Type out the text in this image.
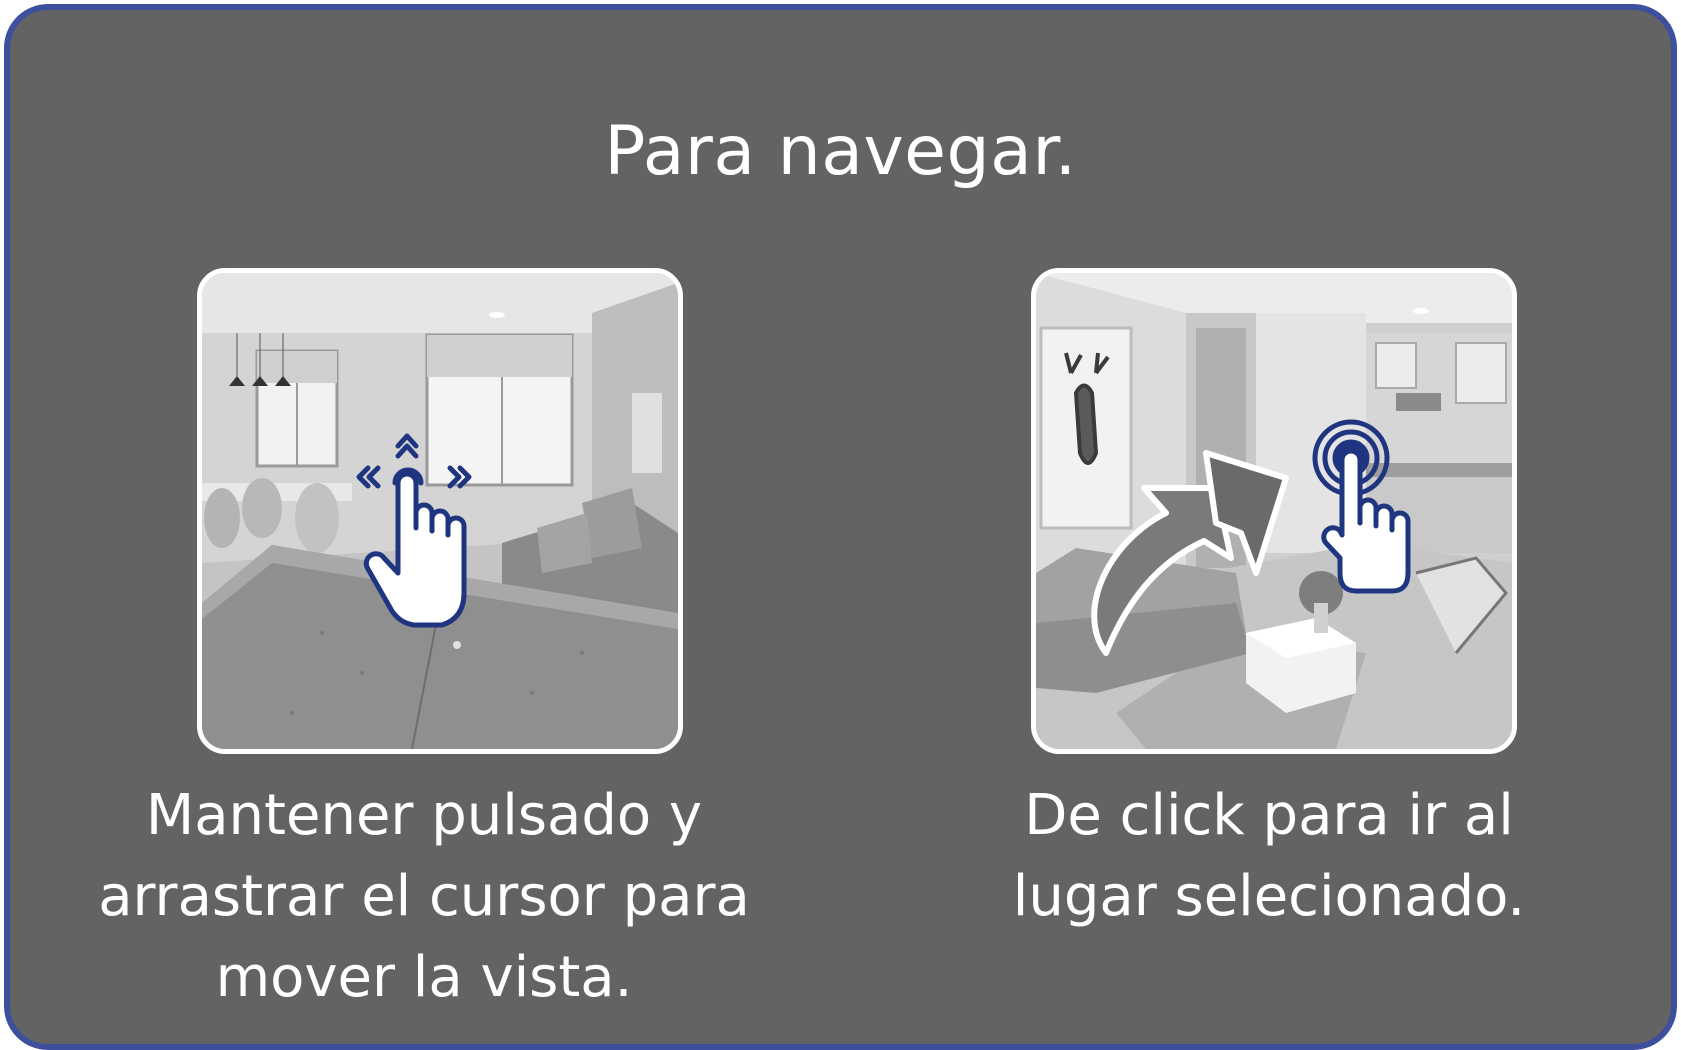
Para navegar.
Mantener pulsado y
arrastrar el cursor para
mover la vista.
De click para ir al
lugar selecionado.
